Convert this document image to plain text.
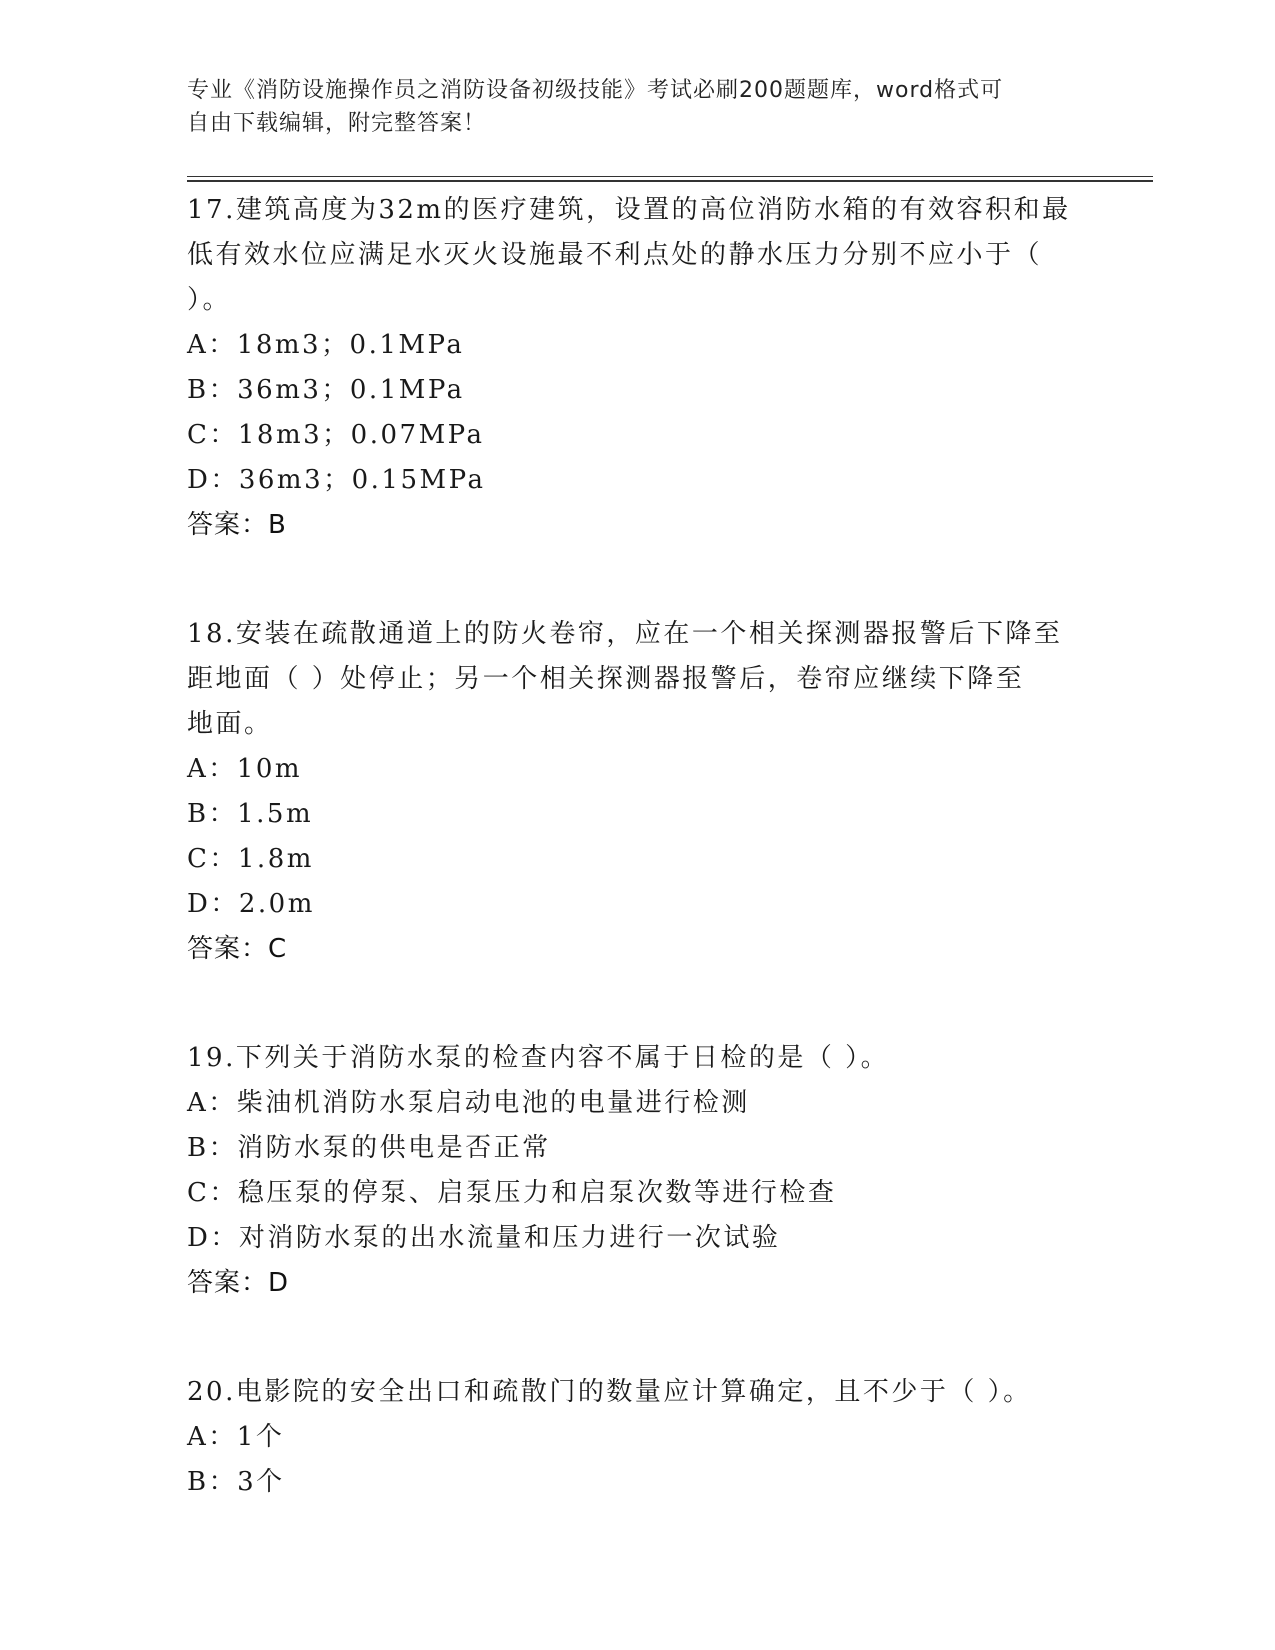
专业《消防设施操作员之消防设备初级技能》考试必刷200题题库，word格式可
自由下载编辑，附完整答案！

17.建筑高度为32m的医疗建筑，设置的高位消防水箱的有效容积和最

低有效水位应满足水灭火设施最不利点处的静水压力分别不应小于（

）。

A：18m3；0.1MPa

B：36m3；0.1MPa

C：18m3；0.07MPa

D：36m3；0.15MPa

答案：B

18.安装在疏散通道上的防火卷帘，应在一个相关探测器报警后下降至

距地面（ ）处停止；另一个相关探测器报警后，卷帘应继续下降至

地面。

A：10m

B：1.5m

C：1.8m

D：2.0m

答案：C

19.下列关于消防水泵的检查内容不属于日检的是（ ）。

A：柴油机消防水泵启动电池的电量进行检测

B：消防水泵的供电是否正常

C：稳压泵的停泵、启泵压力和启泵次数等进行检查

D：对消防水泵的出水流量和压力进行一次试验

答案：D

20.电影院的安全出口和疏散门的数量应计算确定，且不少于（ ）。

A：1个

B：3个
